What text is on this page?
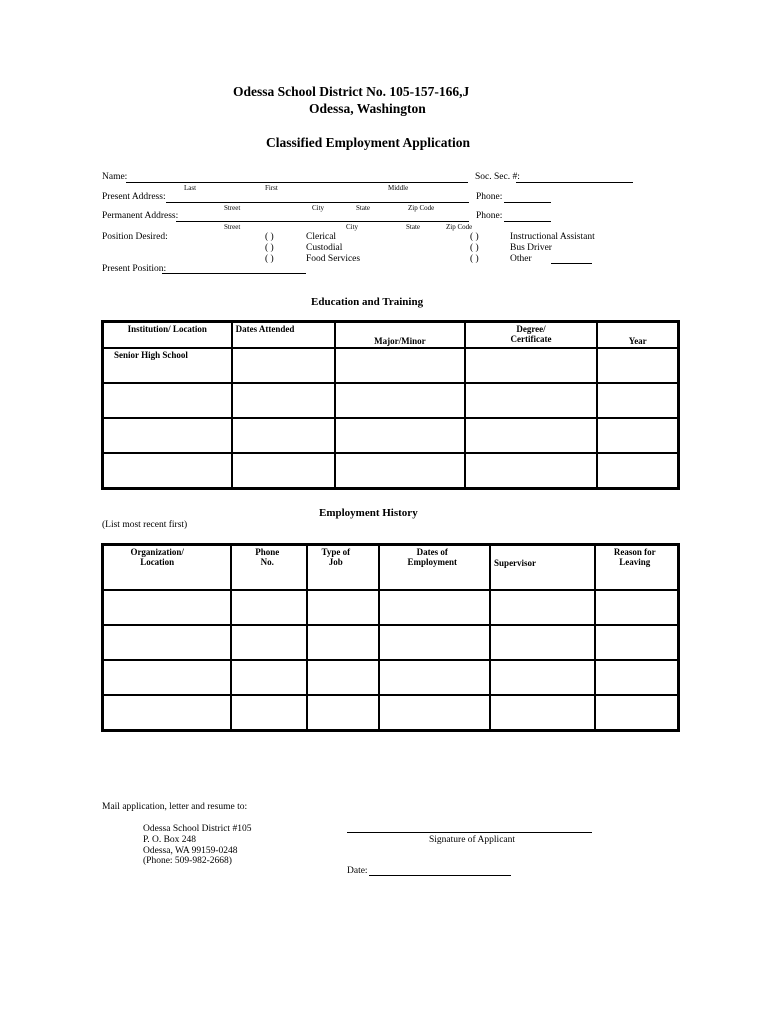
Odessa School District No. 105-157-166,J
Odessa, Washington
Classified Employment Application
Name:	Soc. Sec. #:
Last	First	Middle
Present Address:	Phone:
Street	City	State	Zip Code
Permanent Address:	Phone:
Street	City	State	Zip Code
Position Desired:	( )	Clerical
( )	Custodial
( )	Food Services
( )	Instructional Assistant
( )	Bus Driver
( )	Other
Present Position:
Education and Training
Institution/ Location	Dates Attended	Major/Minor	Degree/ Certificate	Year
Senior High School				

Employment History
(List most recent first)
Organization/ Location	Phone No.	Type of Job	Dates of Employment	Supervisor	Reason for Leaving

Mail application, letter and resume to:
Odessa School District #105
P. O. Box 248
Odessa, WA 99159-0248
(Phone: 509-982-2668)
Signature of Applicant
Date:
